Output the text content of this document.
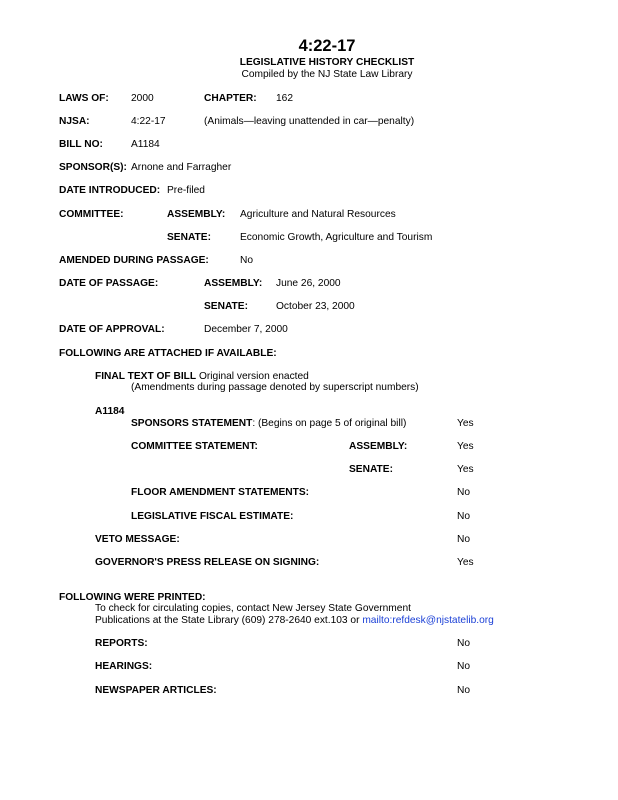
4:22-17
LEGISLATIVE HISTORY CHECKLIST
Compiled by the NJ State Law Library
LAWS OF: 2000	CHAPTER: 162
NJSA:	4:22-17	(Animals—leaving unattended in car—penalty)
BILL NO:	A1184
SPONSOR(S): Arnone and Farragher
DATE INTRODUCED: Pre-filed
COMMITTEE:	ASSEMBLY: Agriculture and Natural Resources
SENATE:	Economic Growth, Agriculture and Tourism
AMENDED DURING PASSAGE:	No
DATE OF PASSAGE:	ASSEMBLY: June 26, 2000
SENATE:	October 23, 2000
DATE OF APPROVAL:	December 7, 2000
FOLLOWING ARE ATTACHED IF AVAILABLE:
FINAL TEXT OF BILL Original version enacted
(Amendments during passage denoted by superscript numbers)
A1184
SPONSORS STATEMENT: (Begins on page 5 of original bill)	Yes
COMMITTEE STATEMENT:	ASSEMBLY:	Yes
SENATE:	Yes
FLOOR AMENDMENT STATEMENTS:	No
LEGISLATIVE FISCAL ESTIMATE:	No
VETO MESSAGE:	No
GOVERNOR'S PRESS RELEASE ON SIGNING:	Yes
FOLLOWING WERE PRINTED:
To check for circulating copies, contact New Jersey State Government
Publications at the State Library (609) 278-2640 ext.103 or mailto:refdesk@njstatelib.org
REPORTS:	No
HEARINGS:	No
NEWSPAPER ARTICLES:	No
